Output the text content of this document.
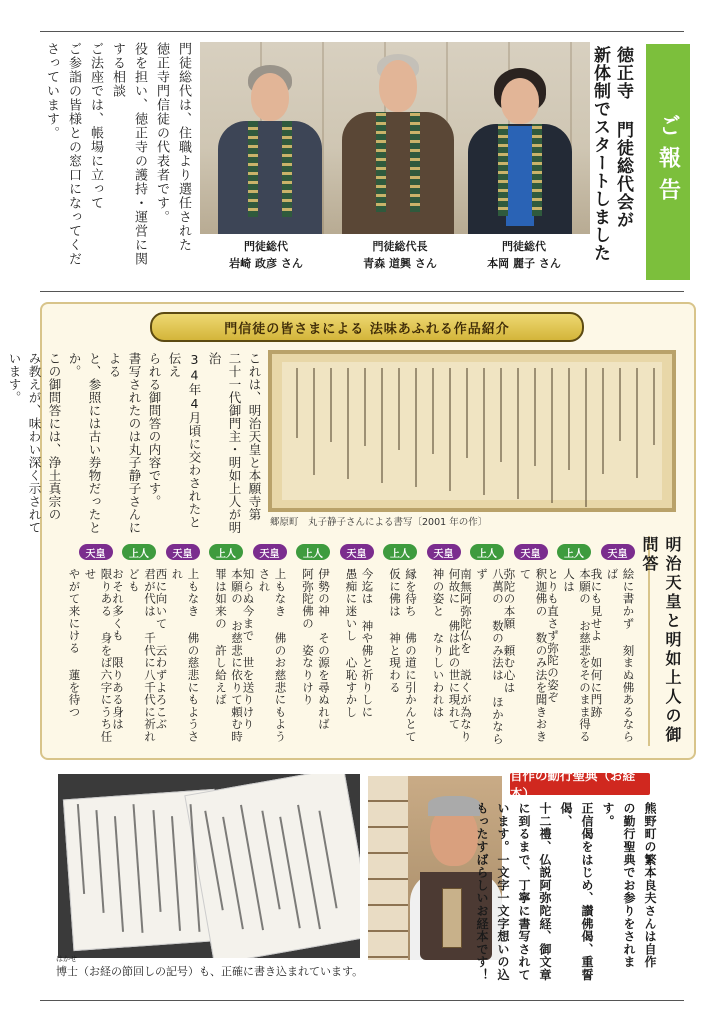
ご報告
徳正寺 門徒総代会が
新体制でスタートしました
門徒総代
岩崎 政彦 さん
門徒総代長
青森 道興 さん
門徒総代
本岡 麗子 さん
門徒総代は、住職より選任された
徳正寺門信徒の代表者です。
役を担い、徳正寺の護持・運営に関する相談
ご法座では、帳場に立って
ご参詣の皆様との窓口になってくだ
さっています。
門信徒の皆さまによる 法味あふれる作品紹介
郷原町　丸子静子さんによる書写〔2001 年の作〕
これは、明治天皇と本願寺第
二十一代御門主・明如上人が明治
34年4月頃に交わされたと伝え
られる御問答の内容です。
書写されたのは丸子静子さんによる
と、参照には古い券物だったとか。
この御問答には、浄土真宗の
み教えが、味わい深く示されて
います。
明治天皇と明如上人の御問答
天皇
絵に書かず 刻まぬ佛あるならば
我にも見せよ 如何に門跡
上人
本願の お慈悲をそのまま得る人は
とりも直さず弥陀の姿ぞ
天皇
釈迦佛の 数のみ法を聞きおきて
弥陀の本願 頼む心は
上人
八萬の 数のみ法は ほかならず
南無阿弥陀仏を 説くが為なり
天皇
何故に 佛は此の世に現れて
神の姿と なりしいわれは
上人
縁を待ち 佛の道に引かんとて
仮に佛は 神と現わる
天皇
今迄は 神や佛と祈りしに
愚痴に迷いし 心恥すかし
上人
伊勢の神 その源を尋ぬれば
阿弥陀佛の 姿なりけり
天皇
上もなき 佛のお慈悲にもようされ
知らぬ今まで 世を送りけり
上人
本願の お慈悲に依りて頼む時
罪は如来の 許し給えば
天皇
上もなき 佛の慈悲にもようされ
西に向いて 云わずよろこぶ
上人
君が代は 千代に八千代に祈れども
おそれ多くも 限りある身は
天皇
限りある 身をば六字にうち任せ
やがて来にける 蓮を待つ
はかせ
博士（お経の節回しの記号）も、正確に書き込まれています。
自作の勤行聖典（お経本）
熊野町の繁本良夫さんは自作
の勤行聖典でお参りをされます。
正信偈をはじめ、讃佛偈、重誓偈、
十二禮、仏説阿弥陀経、御文章
に到るまで、丁寧に書写されて
います。一文字一文字想いの込
もったすばらしいお経本です！
